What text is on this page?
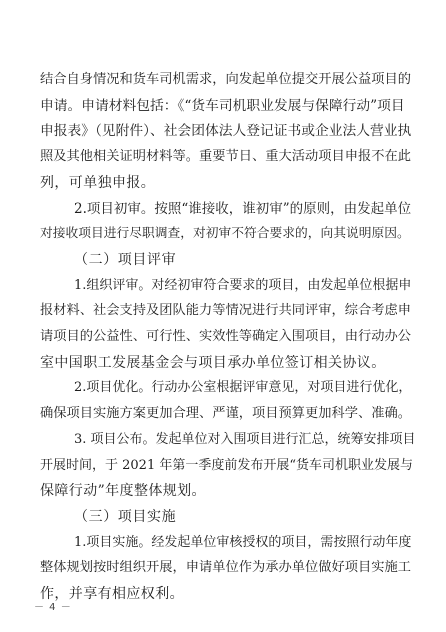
结合自身情况和货车司机需求，向发起单位提交开展公益项目的
申请。申请材料包括：《“货车司机职业发展与保障行动”项目
申报表》（见附件）、社会团体法人登记证书或企业法人营业执
照及其他相关证明材料等。重要节日、重大活动项目申报不在此
列，可单独申报。
2.项目初审。按照“谁接收，谁初审”的原则，由发起单位
对接收项目进行尽职调查，对初审不符合要求的，向其说明原因。
（二）项目评审
1.组织评审。对经初审符合要求的项目，由发起单位根据申
报材料、社会支持及团队能力等情况进行共同评审，综合考虑申
请项目的公益性、可行性、实效性等确定入围项目，由行动办公
室中国职工发展基金会与项目承办单位签订相关协议。
2.项目优化。行动办公室根据评审意见，对项目进行优化，
确保项目实施方案更加合理、严谨，项目预算更加科学、准确。
3. 项目公布。发起单位对入围项目进行汇总，统筹安排项目
开展时间，于 2021 年第一季度前发布开展“货车司机职业发展与
保障行动”年度整体规划。
（三）项目实施
1.项目实施。经发起单位审核授权的项目，需按照行动年度
整体规划按时组织开展，申请单位作为承办单位做好项目实施工
作，并享有相应权利。
－ 4 －
